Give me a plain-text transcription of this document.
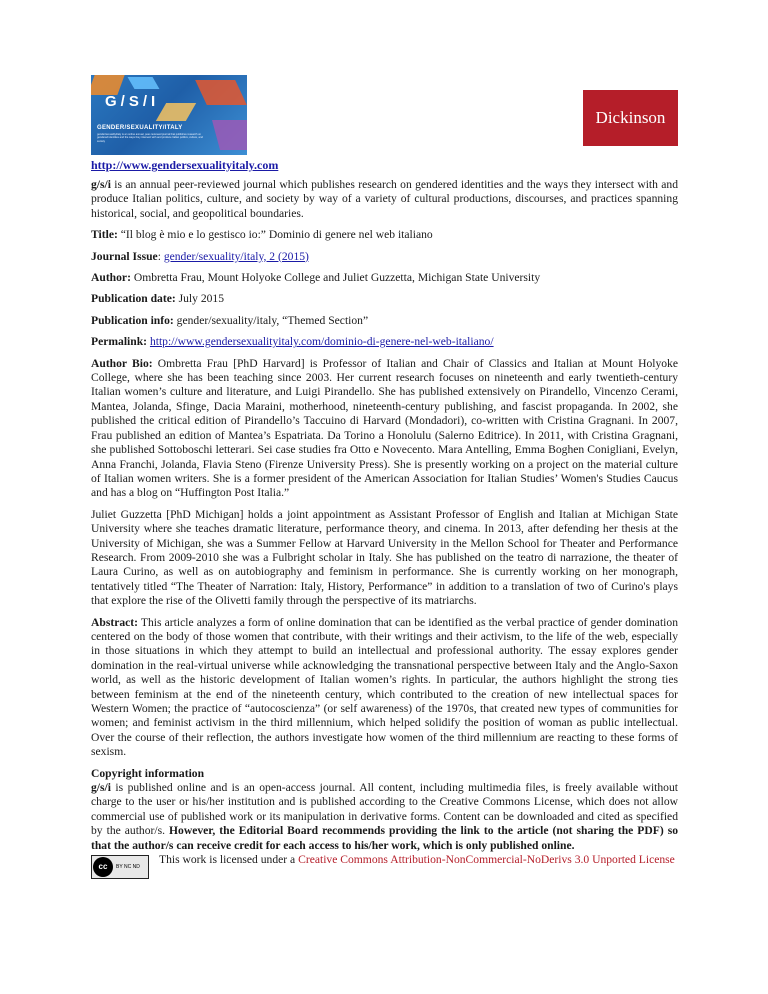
G/S/I
GENDER/SEXUALITY/ITALY
gender/sexuality/italy is an online annual, peer-reviewed journal that publishes research on gendered identities and the ways they intersect with and produce Italian politics, culture, and society
Dickinson
http://www.gendersexualityitaly.com

g/s/i is an annual peer-reviewed journal which publishes research on gendered identities and the ways they intersect with and produce Italian politics, culture, and society by way of a variety of cultural productions, discourses, and practices spanning historical, social, and geopolitical boundaries.

Title: “Il blog è mio e lo gestisco io:” Dominio di genere nel web italiano

Journal Issue: gender/sexuality/italy, 2 (2015)

Author: Ombretta Frau, Mount Holyoke College and Juliet Guzzetta, Michigan State University

Publication date: July 2015

Publication info: gender/sexuality/italy, “Themed Section”

Permalink: http://www.gendersexualityitaly.com/dominio-di-genere-nel-web-italiano/

Author Bio: Ombretta Frau [PhD Harvard] is Professor of Italian and Chair of Classics and Italian at Mount Holyoke College, where she has been teaching since 2003. Her current research focuses on nineteenth and early twentieth-century Italian women’s culture and literature, and Luigi Pirandello. She has published extensively on Pirandello, Vincenzo Cerami, Mantea, Jolanda, Sfinge, Dacia Maraini, motherhood, nineteenth-century publishing, and fascist propaganda. In 2002, she published the critical edition of Pirandello’s Taccuino di Harvard (Mondadori), co-written with Cristina Gragnani. In 2007, Frau published an edition of Mantea’s Espatriata. Da Torino a Honolulu (Salerno Editrice). In 2011, with Cristina Gragnani, she published Sottoboschi letterari. Sei case studies fra Otto e Novecento. Mara Antelling, Emma Boghen Conigliani, Evelyn, Anna Franchi, Jolanda, Flavia Steno (Firenze University Press). She is presently working on a project on the material culture of Italian women writers. She is a former president of the American Association for Italian Studies’ Women's Studies Caucus and has a blog on “Huffington Post Italia.”

Juliet Guzzetta [PhD Michigan] holds a joint appointment as Assistant Professor of English and Italian at Michigan State University where she teaches dramatic literature, performance theory, and cinema. In 2013, after defending her thesis at the University of Michigan, she was a Summer Fellow at Harvard University in the Mellon School for Theater and Performance Research. From 2009-2010 she was a Fulbright scholar in Italy. She has published on the teatro di narrazione, the theater of Laura Curino, as well as on autobiography and feminism in performance. She is currently working on her monograph, tentatively titled “The Theater of Narration: Italy, History, Performance” in addition to a translation of two of Curino's plays that explore the rise of the Olivetti family through the perspective of its matriarchs.

Abstract: This article analyzes a form of online domination that can be identified as the verbal practice of gender domination centered on the body of those women that contribute, with their writings and their activism, to the life of the web, especially in those situations in which they attempt to build an intellectual and professional authority. The essay explores gender domination in the real-virtual universe while acknowledging the transnational perspective between Italy and the Anglo-Saxon world, as well as the historic development of Italian women’s rights. In particular, the authors highlight the strong ties between feminism at the end of the nineteenth century, which contributed to the creation of new intellectual spaces for Western Women; the practice of “autocoscienza” (or self awareness) of the 1970s, that created new types of communities for women; and feminist activism in the third millennium, which helped solidify the position of woman as public intellectual. Over the course of their reflection, the authors investigate how women of the third millennium are reacting to these forms of sexism.

Copyright information
g/s/i is published online and is an open-access journal. All content, including multimedia files, is freely available without charge to the user or his/her institution and is published according to the Creative Commons License, which does not allow commercial use of published work or its manipulation in derivative forms. Content can be downloaded and cited as specified by the author/s. However, the Editorial Board recommends providing the link to the article (not sharing the PDF) so that the author/s can receive credit for each access to his/her work, which is only published online.
cc	BY NC ND
This work is licensed under a Creative Commons Attribution-NonCommercial-NoDerivs 3.0 Unported License
